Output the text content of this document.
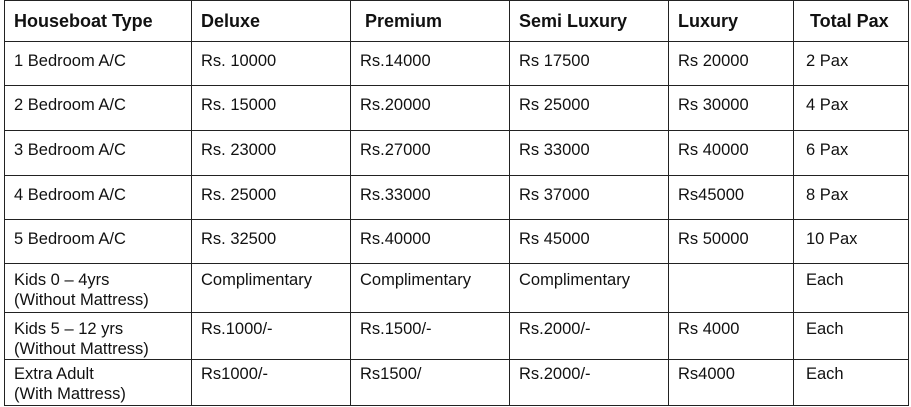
Houseboat Type	Deluxe	Premium	Semi Luxury	Luxury	Total Pax
1 Bedroom A/C	Rs. 10000	Rs.14000	Rs 17500	Rs 20000	2 Pax
2 Bedroom A/C	Rs. 15000	Rs.20000	Rs 25000	Rs 30000	4 Pax
3 Bedroom A/C	Rs. 23000	Rs.27000	Rs 33000	Rs 40000	6 Pax
4 Bedroom A/C	Rs. 25000	Rs.33000	Rs 37000	Rs45000	8 Pax
5 Bedroom A/C	Rs. 32500	Rs.40000	Rs 45000	Rs 50000	10 Pax

Kids 0 – 4yrs
(Without Mattress)	Complimentary	Complimentary	Complimentary		Each

Kids 5 – 12 yrs
(Without Mattress)	Rs.1000/-	Rs.1500/-	Rs.2000/-	Rs 4000	Each

Extra Adult
(With Mattress)	Rs1000/-	Rs1500/	Rs.2000/-	Rs4000	Each
